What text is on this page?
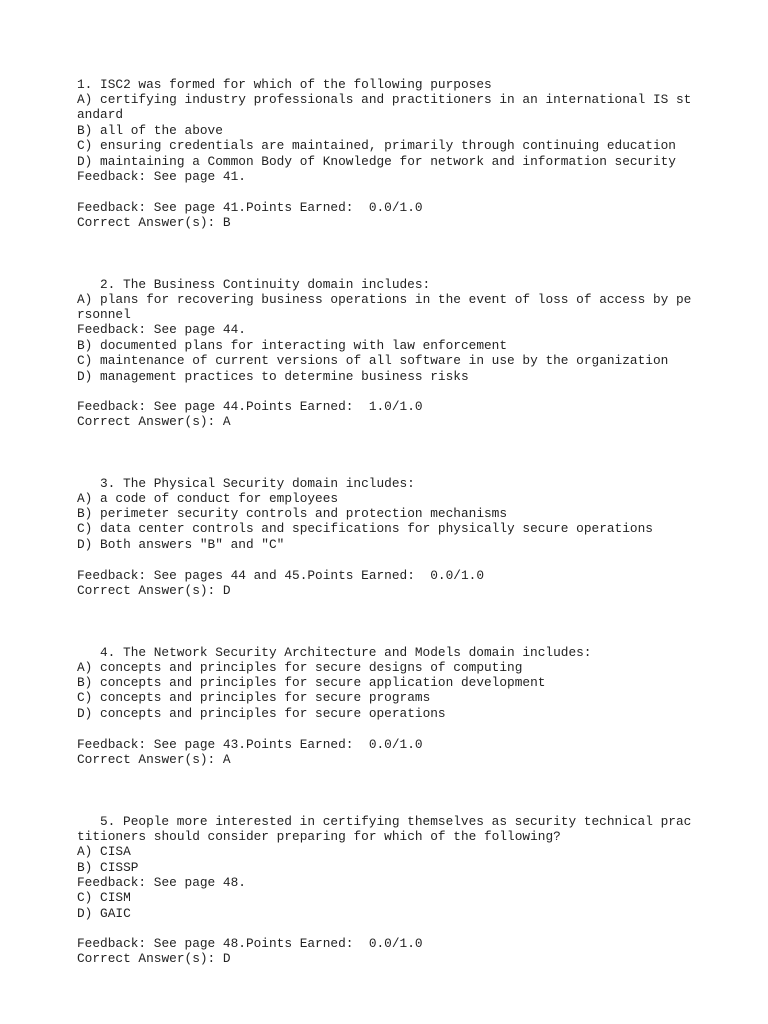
1. ISC2 was formed for which of the following purposes
A) certifying industry professionals and practitioners in an international IS st
andard
B) all of the above
C) ensuring credentials are maintained, primarily through continuing education
D) maintaining a Common Body of Knowledge for network and information security
Feedback: See page 41.
Feedback: See page 41.Points Earned:  0.0/1.0
Correct Answer(s): B
2. The Business Continuity domain includes:
A) plans for recovering business operations in the event of loss of access by pe
rsonnel
Feedback: See page 44.
B) documented plans for interacting with law enforcement
C) maintenance of current versions of all software in use by the organization
D) management practices to determine business risks
Feedback: See page 44.Points Earned:  1.0/1.0
Correct Answer(s): A
3. The Physical Security domain includes:
A) a code of conduct for employees
B) perimeter security controls and protection mechanisms
C) data center controls and specifications for physically secure operations
D) Both answers "B" and "C"
Feedback: See pages 44 and 45.Points Earned:  0.0/1.0
Correct Answer(s): D
4. The Network Security Architecture and Models domain includes:
A) concepts and principles for secure designs of computing
B) concepts and principles for secure application development
C) concepts and principles for secure programs
D) concepts and principles for secure operations
Feedback: See page 43.Points Earned:  0.0/1.0
Correct Answer(s): A
5. People more interested in certifying themselves as security technical prac
titioners should consider preparing for which of the following?
A) CISA
B) CISSP
Feedback: See page 48.
C) CISM
D) GAIC
Feedback: See page 48.Points Earned:  0.0/1.0
Correct Answer(s): D
